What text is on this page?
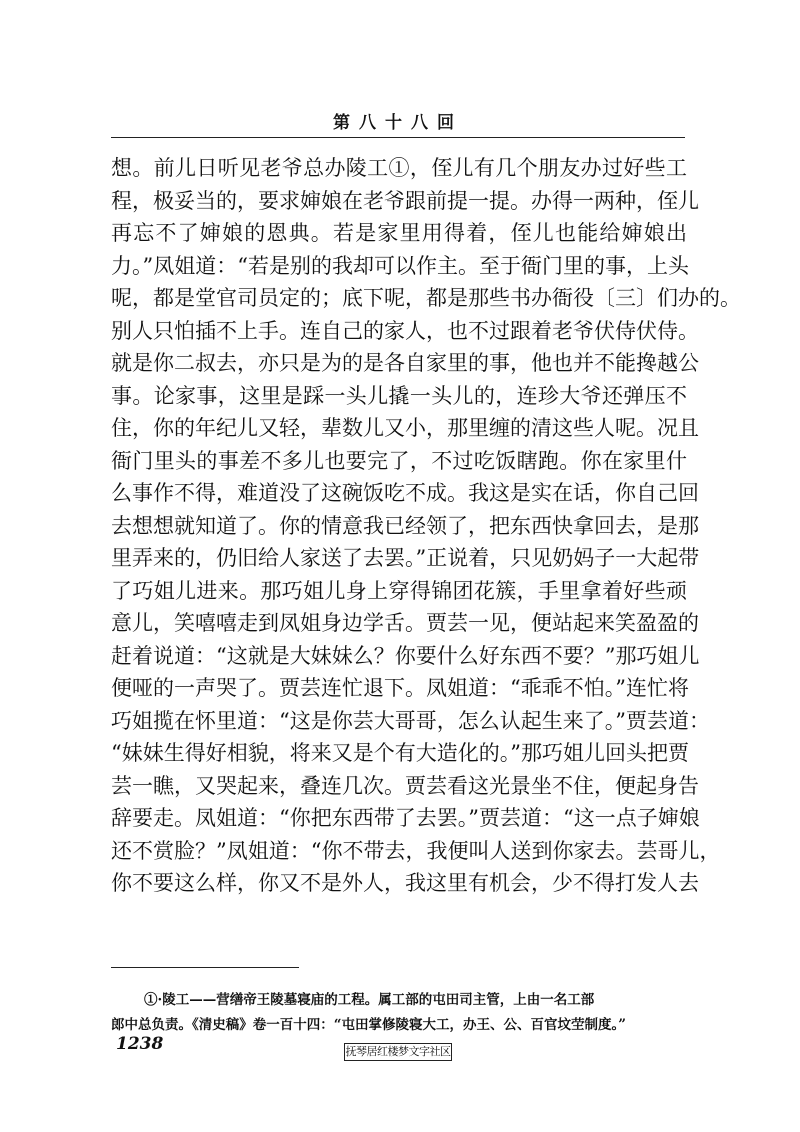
第八十八回
想。前儿日听见老爷总办陵工①，侄儿有几个朋友办过好些工
程，极妥当的，要求婶娘在老爷跟前提一提。办得一两种，侄儿
再忘不了婶娘的恩典。若是家里用得着，侄儿也能给婶娘出
力。”凤姐道：“若是别的我却可以作主。至于衙门里的事，上头
呢，都是堂官司员定的；底下呢，都是那些书办衙役〔三〕们办的。
别人只怕插不上手。连自己的家人，也不过跟着老爷伏侍伏侍。
就是你二叔去，亦只是为的是各自家里的事，他也并不能搀越公
事。论家事，这里是踩一头儿撬一头儿的，连珍大爷还弹压不
住，你的年纪儿又轻，辈数儿又小，那里缠的清这些人呢。况且
衙门里头的事差不多儿也要完了，不过吃饭瞎跑。你在家里什
么事作不得，难道没了这碗饭吃不成。我这是实在话，你自己回
去想想就知道了。你的情意我已经领了，把东西快拿回去，是那
里弄来的，仍旧给人家送了去罢。”正说着，只见奶妈子一大起带
了巧姐儿进来。那巧姐儿身上穿得锦团花簇，手里拿着好些顽
意儿，笑嘻嘻走到凤姐身边学舌。贾芸一见，便站起来笑盈盈的
赶着说道：“这就是大妹妹么？你要什么好东西不要？”那巧姐儿
便哑的一声哭了。贾芸连忙退下。凤姐道：“乖乖不怕。”连忙将
巧姐揽在怀里道：“这是你芸大哥哥，怎么认起生来了。”贾芸道：
“妹妹生得好相貌，将来又是个有大造化的。”那巧姐儿回头把贾
芸一瞧，又哭起来，叠连几次。贾芸看这光景坐不住，便起身告
辞要走。凤姐道：“你把东西带了去罢。”贾芸道：“这一点子婶娘
还不赏脸？”凤姐道：“你不带去，我便叫人送到你家去。芸哥儿，
你不要这么样，你又不是外人，我这里有机会，少不得打发人去
①·陵工——营缮帝王陵墓寝庙的工程。属工部的屯田司主管，上由一名工部
郎中总负责。《清史稿》卷一百十四：“屯田掌修陵寝大工，办王、公、百官坟茔制度。”
1238	抚琴居红楼梦文字社区
